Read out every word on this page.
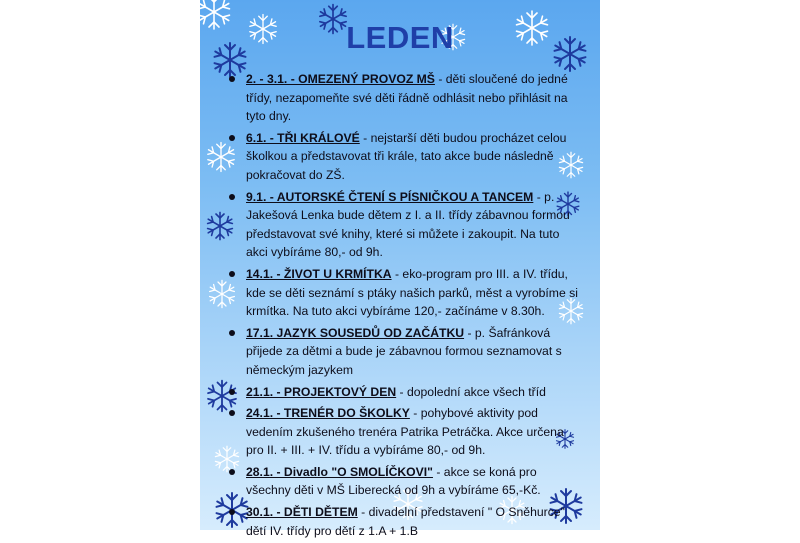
LEDEN
2. - 3.1. - OMEZENÝ PROVOZ MŠ - děti sloučené do jedné třídy, nezapomeňte své děti řádně odhlásit nebo přihlásit na tyto dny.
6.1. - TŘI KRÁLOVÉ - nejstarší děti budou procházet celou školkou a představovat tři krále, tato akce bude následně pokračovat do ZŠ.
9.1. - AUTORSKÉ ČTENÍ S PÍSNIČKOU A TANCEM - p. Jakešová Lenka bude dětem z I. a II. třídy zábavnou formou představovat své knihy, které si můžete i zakoupit. Na tuto akci vybíráme 80,- od 9h.
14.1. - ŽIVOT U KRMÍTKA - eko-program pro III. a IV. třídu, kde se děti seznámí s ptáky našich parků, měst a vyrobíme si krmítka. Na tuto akci vybíráme 120,- začínáme v 8.30h.
17.1. JAZYK SOUSEDŮ OD ZAČÁTKU - p. Šafránková přijede za dětmi a bude je zábavnou formou seznamovat s německým jazykem
21.1. - PROJEKTOVÝ DEN - dopolední akce všech tříd
24.1. - TRENÉR DO ŠKOLKY - pohybové aktivity pod vedením zkušeného trenéra Patrika Petráčka. Akce určena pro II. + III. + IV. třídu a vybíráme 80,- od 9h.
28.1. - Divadlo "O SMOLÍČKOVI" - akce se koná pro všechny děti v MŠ Liberecká od 9h a vybíráme 65,-Kč.
30.1. - DĚTI DĚTEM - divadelní představení " O Sněhurce" dětí IV. třídy pro dětí z 1.A + 1.B
